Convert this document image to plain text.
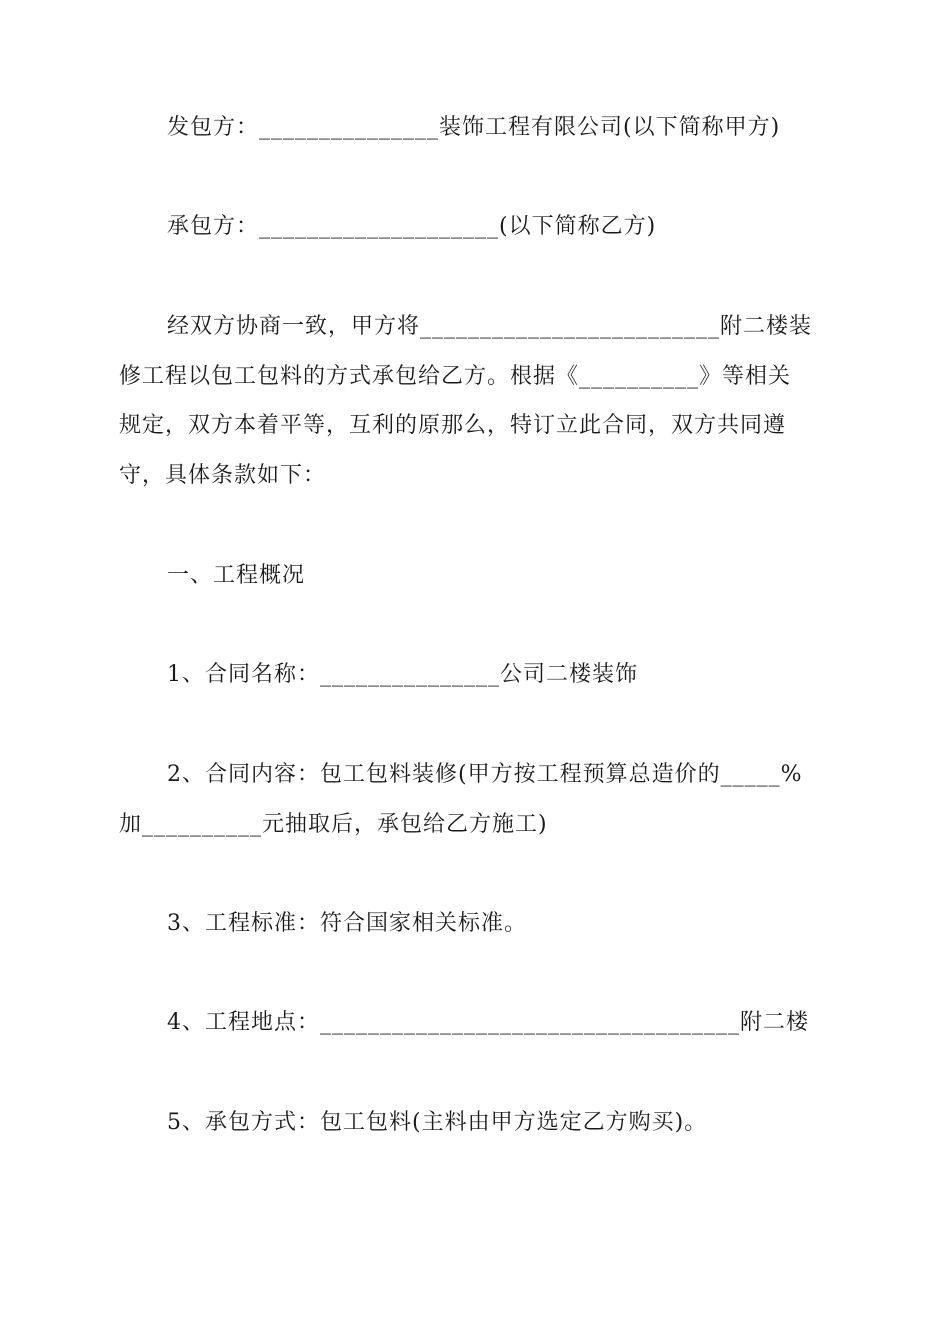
发包方：_______________装饰工程有限公司(以下简称甲方)
承包方：____________________(以下简称乙方)
经双方协商一致，甲方将_________________________附二楼装
修工程以包工包料的方式承包给乙方。根据《__________》等相关
规定，双方本着平等，互利的原那么，特订立此合同，双方共同遵
守，具体条款如下：
一、工程概况
1、合同名称：_______________公司二楼装饰
2、合同内容：包工包料装修(甲方按工程预算总造价的_____%
加__________元抽取后，承包给乙方施工)
3、工程标准：符合国家相关标准。
4、工程地点：___________________________________附二楼
5、承包方式：包工包料(主料由甲方选定乙方购买)。
